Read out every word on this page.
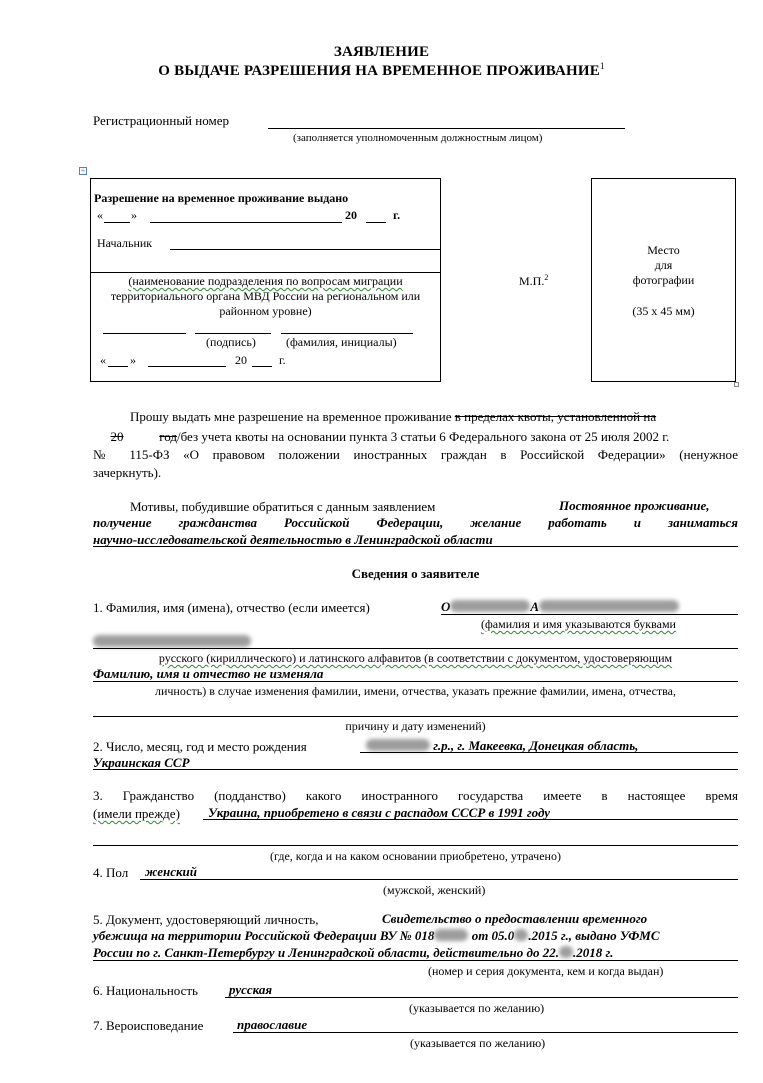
ЗАЯВЛЕНИЕ
О ВЫДАЧЕ РАЗРЕШЕНИЯ НА ВРЕМЕННОЕ ПРОЖИВАНИЕ$^1$
Регистрационный номер
(заполняется уполномоченным должностным лицом)
+
Разрешение на временное проживание выдано
« »	20	г.
Начальник
(наименование подразделения по вопросам миграции
территориального органа МВД России на региональном или
районном уровне)
(подпись)	(фамилия, инициалы)
« »	20	г.
М.П.$^2$
Место
для
фотографии
(35 х 45 мм)
Прошу выдать мне разрешение на временное проживание в пределах квоты, установленной на
20	год/без учета квоты на основании пункта 3 статьи 6 Федерального закона от 25 июля 2002 г.
№ 115-ФЗ «О правовом положении иностранных граждан в Российской Федерации» (ненужное
зачеркнуть).
Мотивы, побудившие обратиться с данным заявлением	Постоянное проживание,
получение гражданства Российской Федерации, желание работать и заниматься
научно-исследовательской деятельностью в Ленинградской области
Сведения о заявителе
1. Фамилия, имя (имена), отчество (если имеется)	О	А
(фамилия и имя указываются буквами
русского (кириллического) и латинского алфавитов (в соответствии с документом, удостоверяющим
Фамилию, имя и отчество не изменяла
личность) в случае изменения фамилии, имени, отчества, указать прежние фамилии, имена, отчества,
причину и дату изменений)
2. Число, месяц, год и место рождения	г.р., г. Макеевка, Донецкая область,
Украинская ССР
3. Гражданство (подданство) какого иностранного государства имеете в настоящее время
(имели прежде) Украина, приобретено в связи с распадом СССР в 1991 году
(где, когда и на каком основании приобретено, утрачено)
4. Пол женский
(мужской, женский)
5. Документ, удостоверяющий личность,	Свидетельство о предоставлении временного
убежища на территории Российской Федерации ВУ № 018	от 05.0 .2015 г., выдано УФМС
России по г. Санкт-Петербургу и Ленинградской области, действительно до 22. .2018 г.
(номер и серия документа, кем и когда выдан)
6. Национальность русская
(указывается по желанию)
7. Вероисповедание	православие
(указывается по желанию)
